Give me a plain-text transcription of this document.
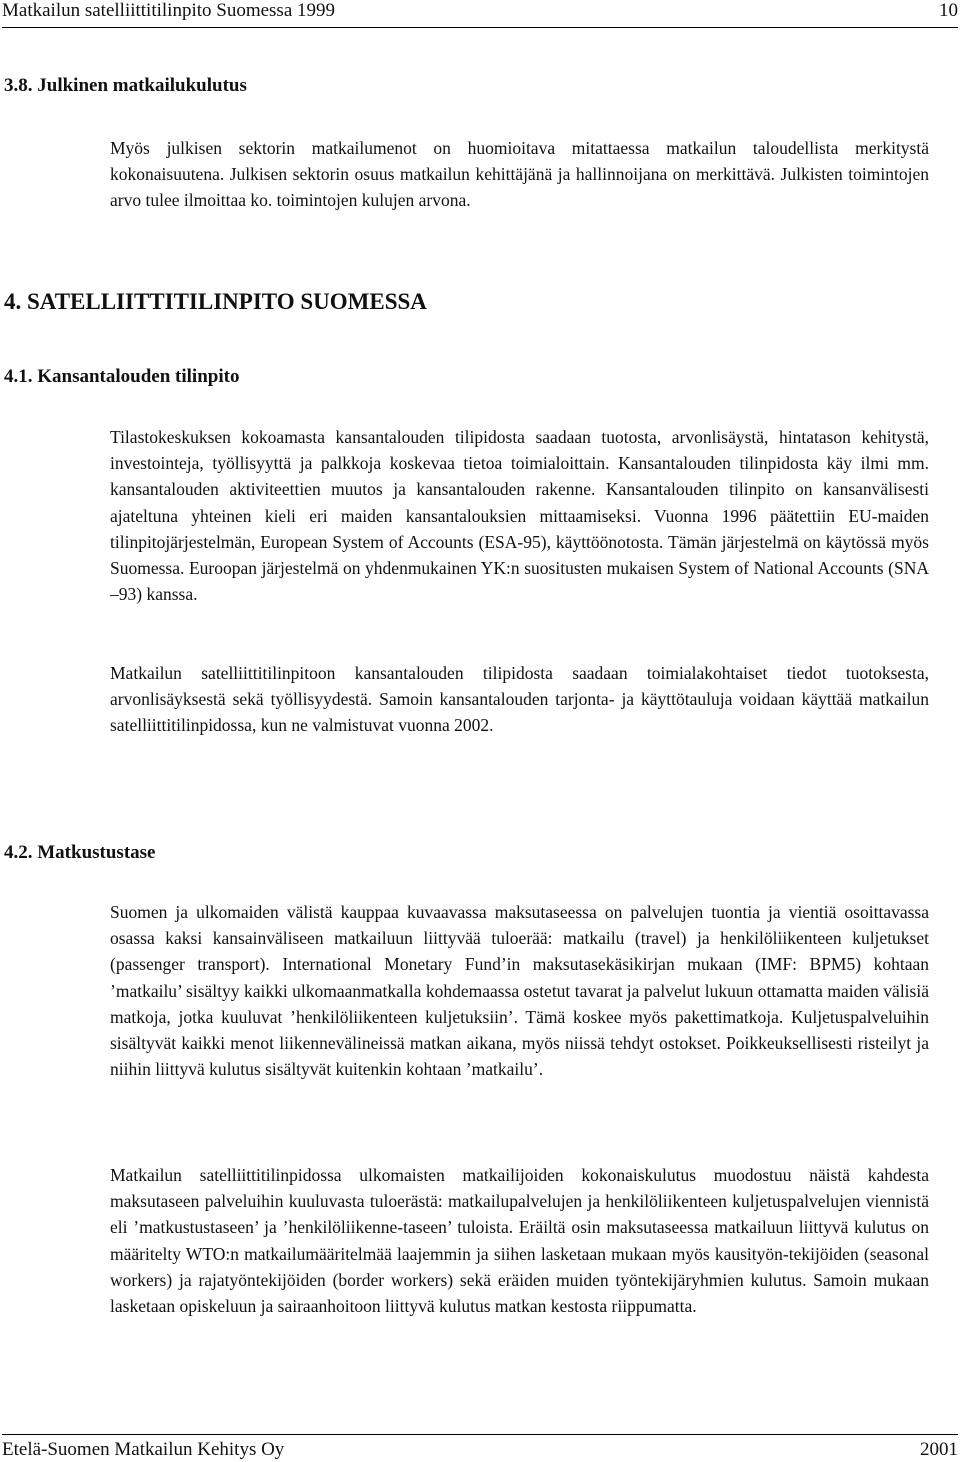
Matkailun satelliittitilinpito Suomessa 1999	10
3.8. Julkinen matkailukulutus

Myös julkisen sektorin matkailumenot on huomioitava mitattaessa matkailun taloudellista merkitystä kokonaisuutena. Julkisen sektorin osuus matkailun kehittäjänä ja hallinnoijana on merkittävä. Julkisten toimintojen arvo tulee ilmoittaa ko. toimintojen kulujen arvona.

4. SATELLIITTITILINPITO SUOMESSA
4.1. Kansantalouden tilinpito

Tilastokeskuksen kokoamasta kansantalouden tilipidosta saadaan tuotosta, arvonlisäystä, hintatason kehitystä, investointeja, työllisyyttä ja palkkoja koskevaa tietoa toimialoittain. Kansantalouden tilinpidosta käy ilmi mm. kansantalouden aktiviteettien muutos ja kansantalouden rakenne. Kansantalouden tilinpito on kansanvälisesti ajateltuna yhteinen kieli eri maiden kansantalouksien mittaamiseksi. Vuonna 1996 päätettiin EU-maiden tilinpitojärjestelmän, European System of Accounts (ESA-95), käyttöönotosta. Tämän järjestelmä on käytössä myös Suomessa. Euroopan järjestelmä on yhdenmukainen YK:n suositusten mukaisen System of National Accounts (SNA –93) kanssa.

Matkailun satelliittitilinpitoon kansantalouden tilipidosta saadaan toimialakohtaiset tiedot tuotoksesta, arvonlisäyksestä sekä työllisyydestä. Samoin kansantalouden tarjonta- ja käyttötauluja voidaan käyttää matkailun satelliittitilinpidossa, kun ne valmistuvat vuonna 2002.

4.2. Matkustustase

Suomen ja ulkomaiden välistä kauppaa kuvaavassa maksutaseessa on palvelujen tuontia ja vientiä osoittavassa osassa kaksi kansainväliseen matkailuun liittyvää tuloerää: matkailu (travel) ja henkilöliikenteen kuljetukset (passenger transport). International Monetary Fund’in maksutasekäsikirjan mukaan (IMF: BPM5) kohtaan ’matkailu’ sisältyy kaikki ulkomaanmatkalla kohdemaassa ostetut tavarat ja palvelut lukuun ottamatta maiden välisiä matkoja, jotka kuuluvat ’henkilöliikenteen kuljetuksiin’. Tämä koskee myös pakettimatkoja. Kuljetuspalveluihin sisältyvät kaikki menot liikennevälineissä matkan aikana, myös niissä tehdyt ostokset. Poikkeuksellisesti risteilyt ja niihin liittyvä kulutus sisältyvät kuitenkin kohtaan ’matkailu’.

Matkailun satelliittitilinpidossa ulkomaisten matkailijoiden kokonaiskulutus muodostuu näistä kahdesta maksutaseen palveluihin kuuluvasta tuloerästä: matkailupalvelujen ja henkilöliikenteen kuljetuspalvelujen viennistä eli ’matkustustaseen’ ja ’henkilöliikenne-taseen’ tuloista. Eräiltä osin maksutaseessa matkailuun liittyvä kulutus on määritelty WTO:n matkailumääritelmää laajemmin ja siihen lasketaan mukaan myös kausityön-tekijöiden (seasonal workers) ja rajatyöntekijöiden (border workers) sekä eräiden muiden työntekijäryhmien kulutus. Samoin mukaan lasketaan opiskeluun ja sairaanhoitoon liittyvä kulutus matkan kestosta riippumatta.

Etelä-Suomen Matkailun Kehitys Oy	2001
